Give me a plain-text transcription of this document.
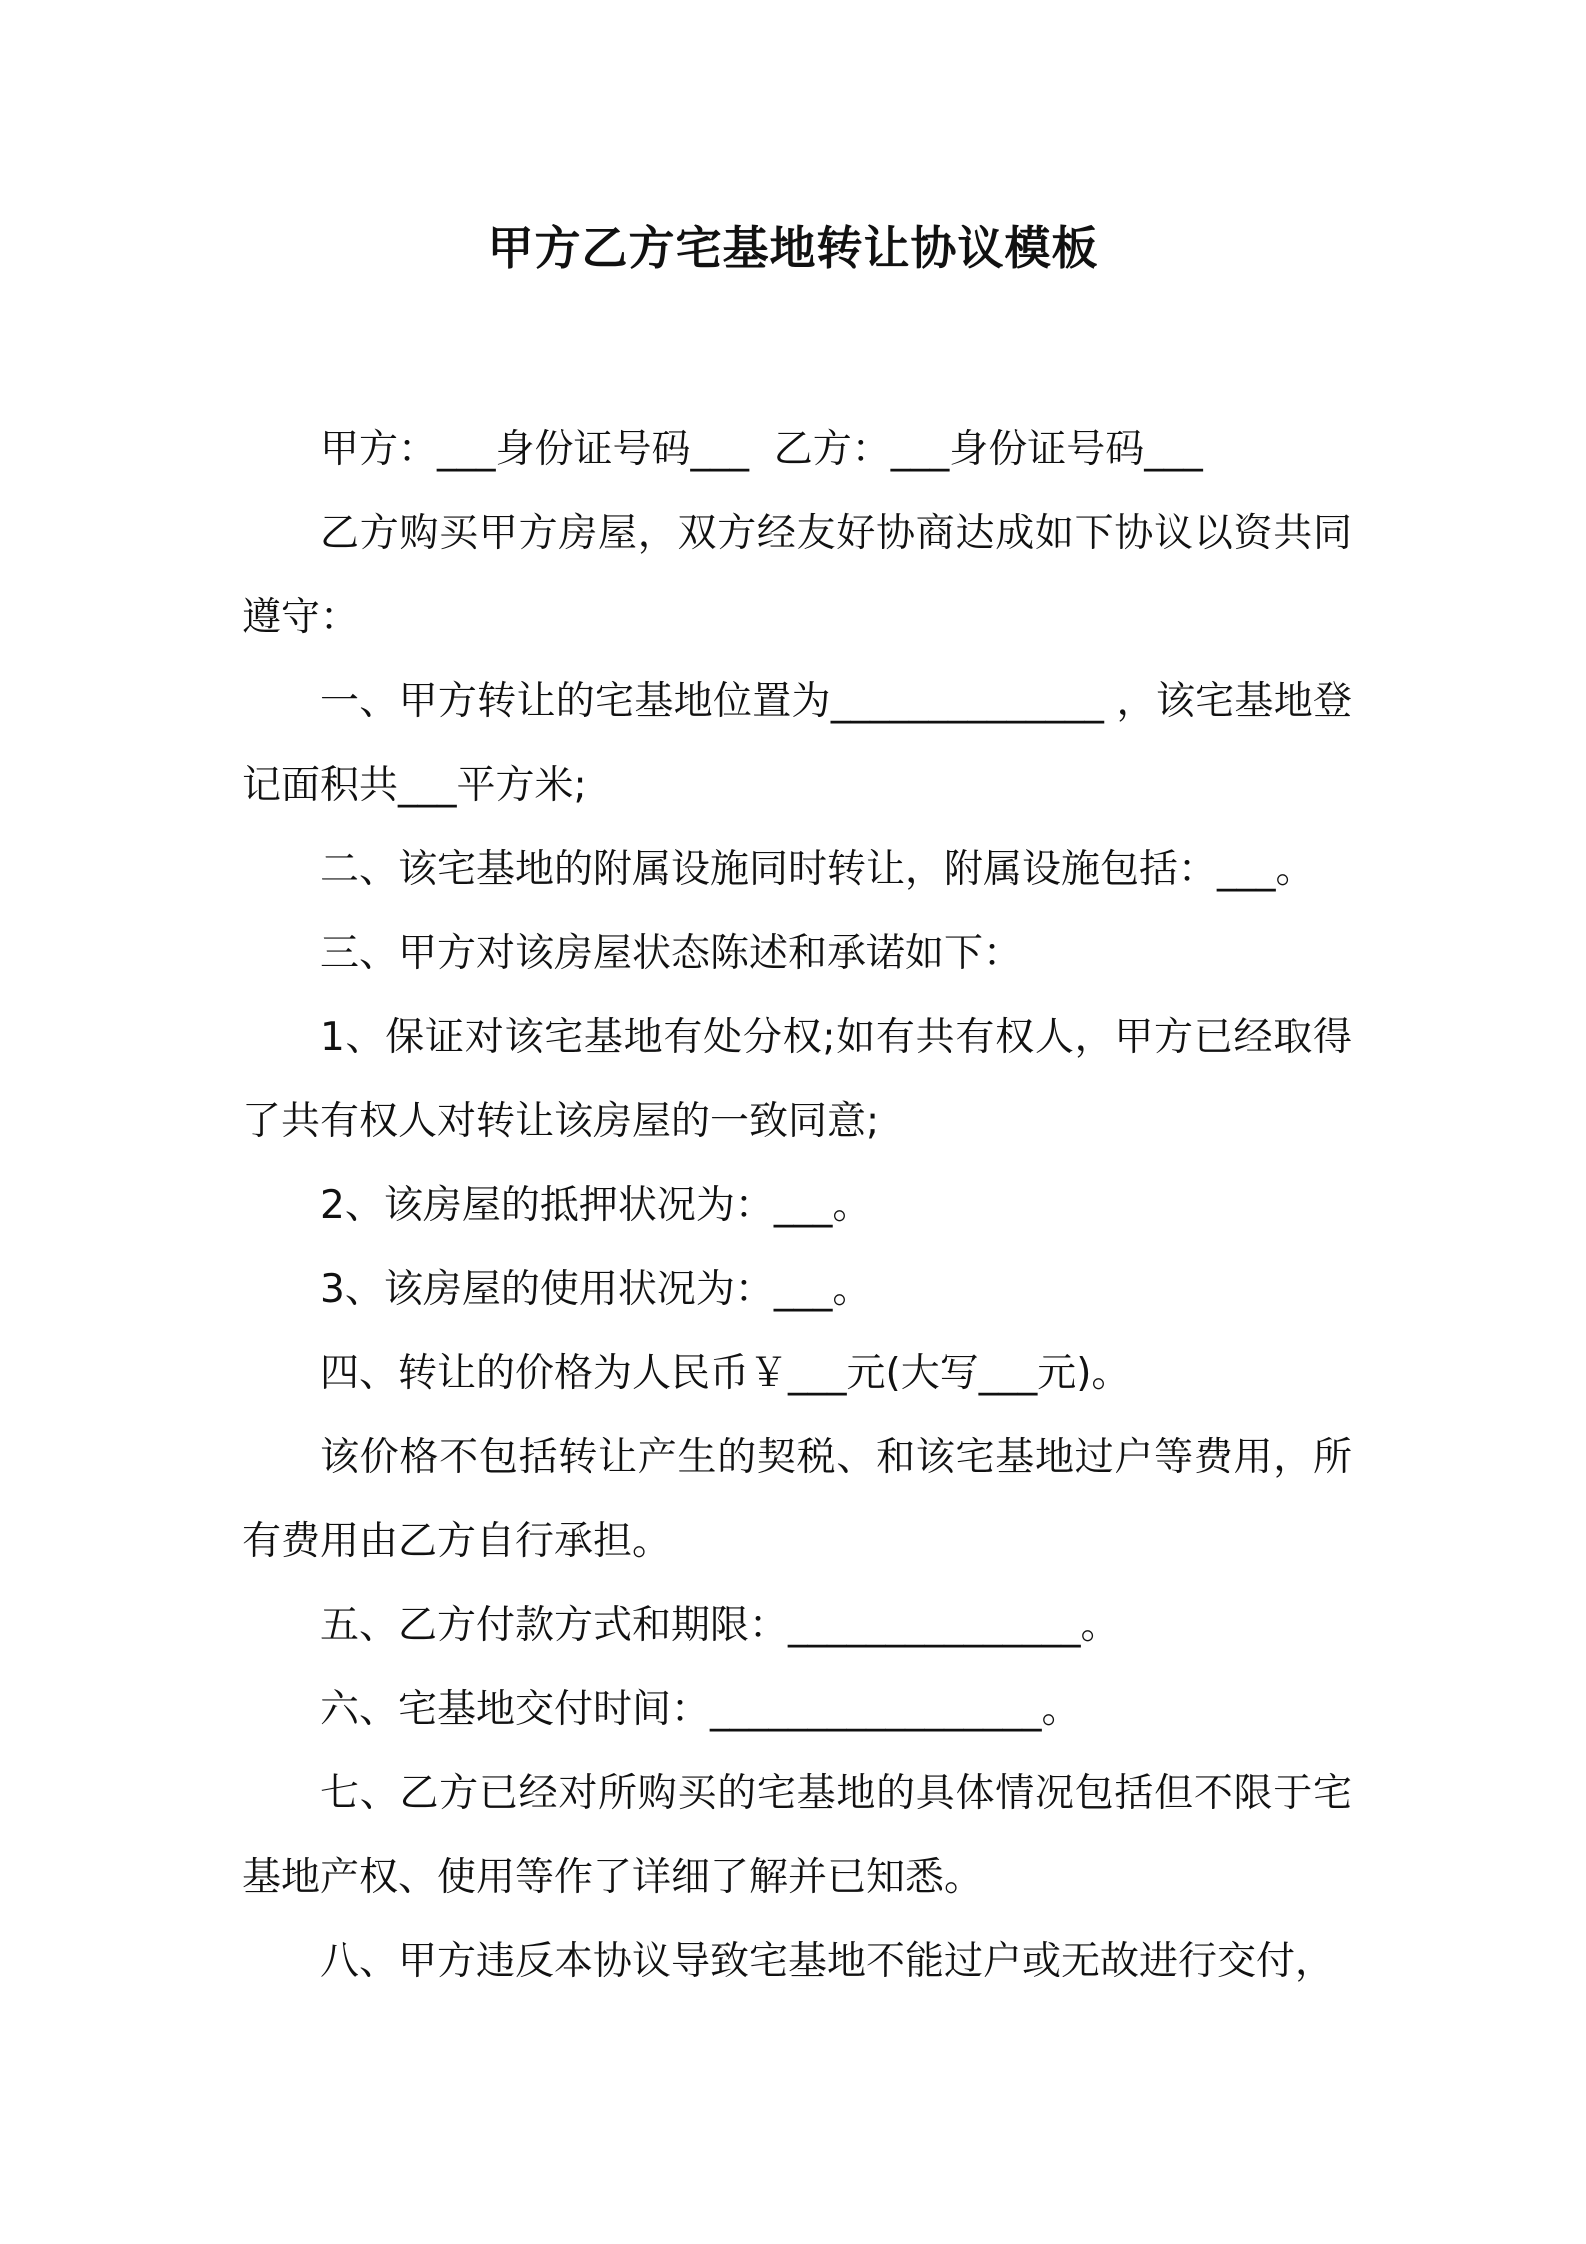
甲方乙方宅基地转让协议模板

甲方：___身份证号码___  乙方：___身份证号码___

乙方购买甲方房屋，双方经友好协商达成如下协议以资共同遵守：

一、甲方转让的宅基地位置为______________ ，该宅基地登记面积共___平方米;

二、该宅基地的附属设施同时转让，附属设施包括：___。

三、甲方对该房屋状态陈述和承诺如下：

1、保证对该宅基地有处分权;如有共有权人，甲方已经取得了共有权人对转让该房屋的一致同意;

2、该房屋的抵押状况为：___。

3、该房屋的使用状况为：___。

四、转让的价格为人民币￥___元(大写___元)。

该价格不包括转让产生的契税、和该宅基地过户等费用，所有费用由乙方自行承担。

五、乙方付款方式和期限：_______________。

六、宅基地交付时间：_________________。

七、乙方已经对所购买的宅基地的具体情况包括但不限于宅基地产权、使用等作了详细了解并已知悉。

八、甲方违反本协议导致宅基地不能过户或无故进行交付，
